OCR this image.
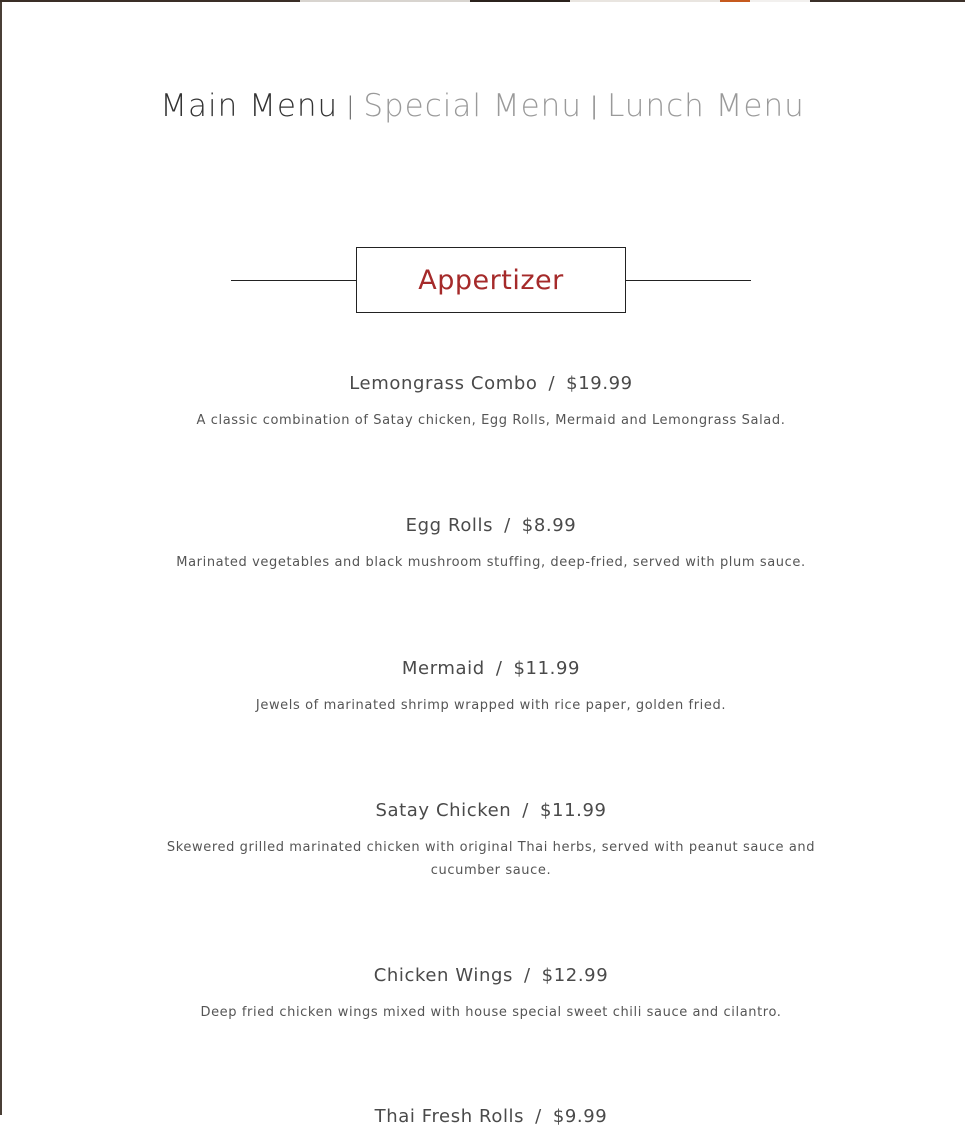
Main Menu | Special Menu | Lunch Menu
Appertizer
Lemongrass Combo / $19.99
A classic combination of Satay chicken, Egg Rolls, Mermaid and Lemongrass Salad.
Egg Rolls / $8.99
Marinated vegetables and black mushroom stuffing, deep-fried, served with plum sauce.
Mermaid / $11.99
Jewels of marinated shrimp wrapped with rice paper, golden fried.
Satay Chicken / $11.99
Skewered grilled marinated chicken with original Thai herbs, served with peanut sauce and cucumber sauce.
Chicken Wings / $12.99
Deep fried chicken wings mixed with house special sweet chili sauce and cilantro.
Thai Fresh Rolls / $9.99
